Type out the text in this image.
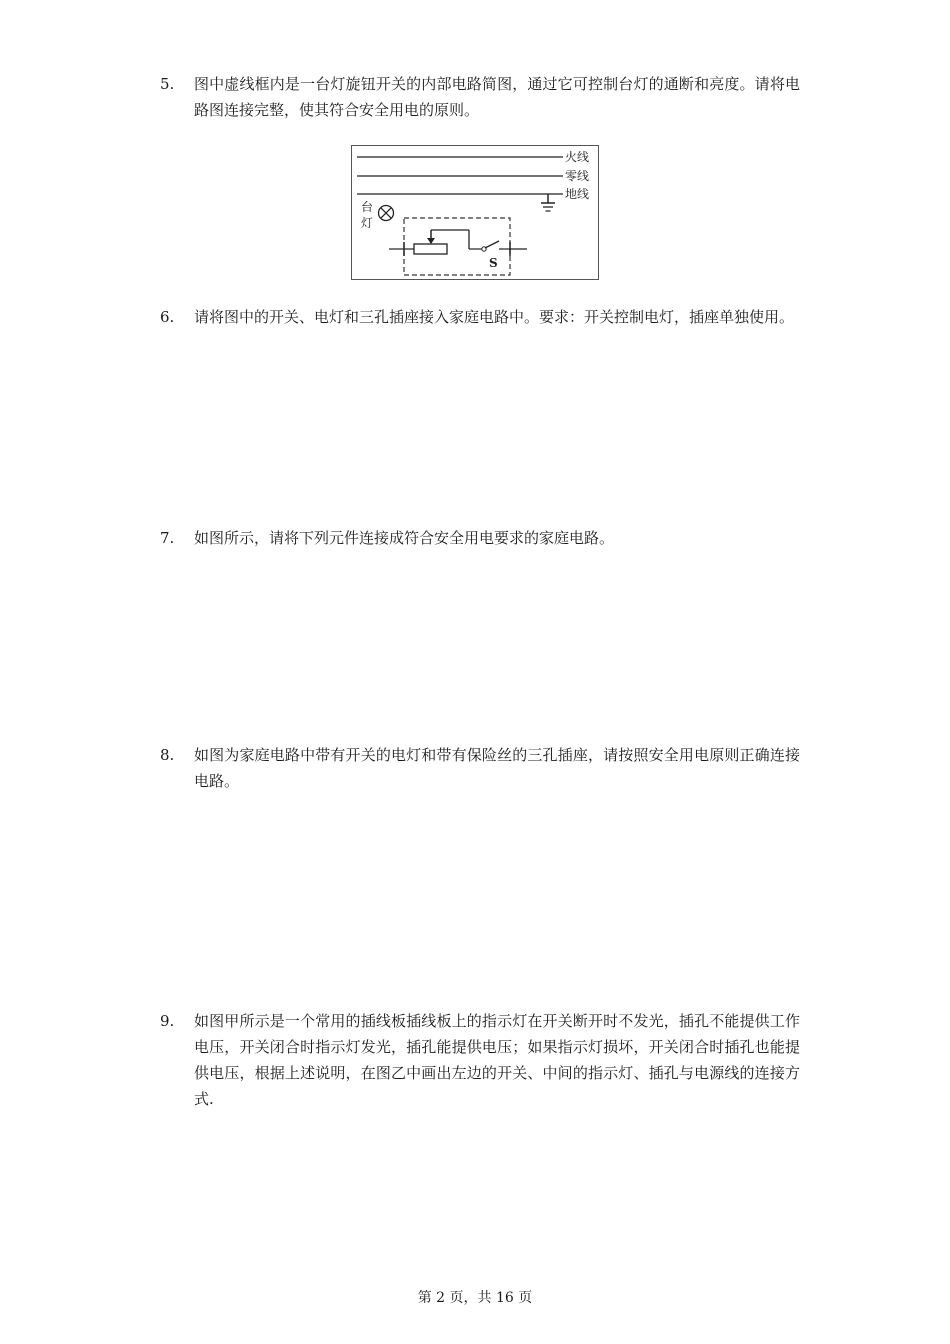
5.	图中虚线框内是一台灯旋钮开关的内部电路简图，通过它可控制台灯的通断和亮度。请将电路图连接完整，使其符合安全用电的原则。
火线
零线
地线
台
灯
S
6.	请将图中的开关、电灯和三孔插座接入家庭电路中。要求：开关控制电灯，插座单独使用。
7.	如图所示，请将下列元件连接成符合安全用电要求的家庭电路。
8.	如图为家庭电路中带有开关的电灯和带有保险丝的三孔插座，请按照安全用电原则正确连接电路。
9.	如图甲所示是一个常用的插线板插线板上的指示灯在开关断开时不发光，插孔不能提供工作电压，开关闭合时指示灯发光，插孔能提供电压；如果指示灯损坏，开关闭合时插孔也能提供电压，根据上述说明，在图乙中画出左边的开关、中间的指示灯、插孔与电源线的连接方式.
第 2 页，共 16 页
